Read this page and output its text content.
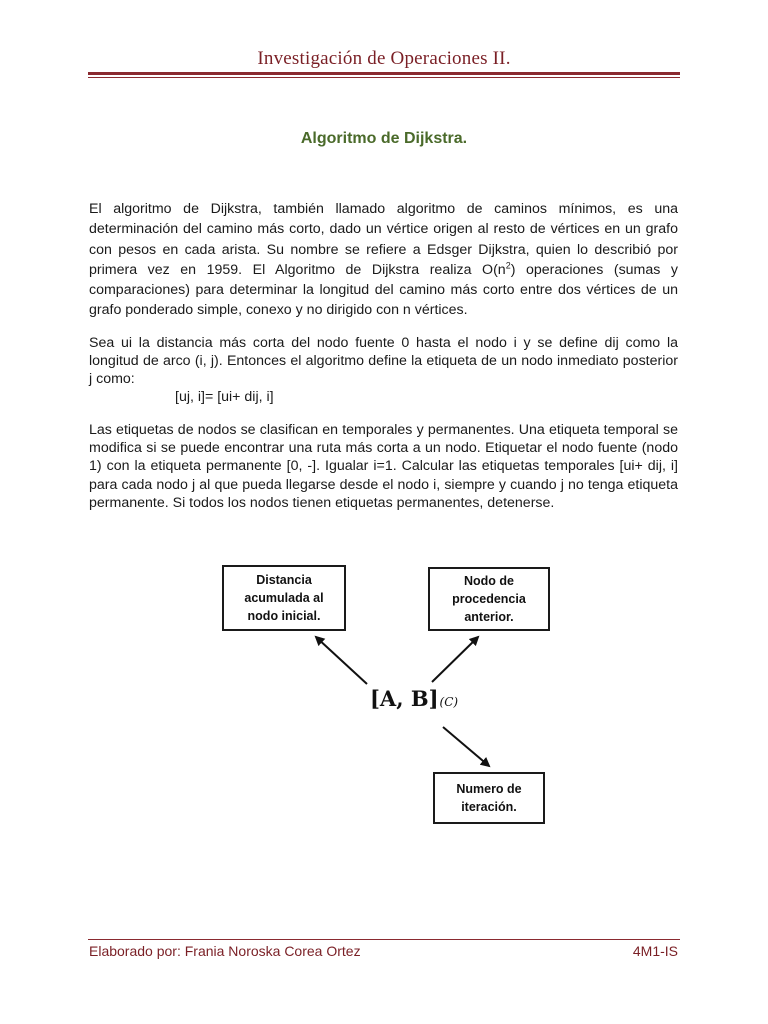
Investigación de Operaciones II.
Algoritmo de Dijkstra.

El algoritmo de Dijkstra, también llamado algoritmo de caminos mínimos, es una determinación del camino más corto, dado un vértice origen al resto de vértices en un grafo con pesos en cada arista. Su nombre se refiere a Edsger Dijkstra, quien lo describió por primera vez en 1959. El Algoritmo de Dijkstra realiza $O(n^2)$ operaciones (sumas y comparaciones) para determinar la longitud del camino más corto entre dos vértices de un grafo ponderado simple, conexo y no dirigido con n vértices.

Sea ui la distancia más corta del nodo fuente 0 hasta el nodo i y se define dij como la longitud de arco (i, j). Entonces el algoritmo define la etiqueta de un nodo inmediato posterior j como:

[uj, i]= [ui+ dij, i]

Las etiquetas de nodos se clasifican en temporales y permanentes. Una etiqueta temporal se modifica si se puede encontrar una ruta más corta a un nodo. Etiquetar el nodo fuente (nodo 1) con la etiqueta permanente [0, -]. Igualar i=1. Calcular las etiquetas temporales [ui+ dij, i] para cada nodo j al que pueda llegarse desde el nodo i, siempre y cuando j no tenga etiqueta permanente. Si todos los nodos tienen etiquetas permanentes, detenerse.

Distancia
acumulada al
nodo inicial.
Nodo de
procedencia
anterior.
Numero de
iteración.
[A, B](C)
Elaborado por: Frania Noroska Corea Ortez	4M1-IS
